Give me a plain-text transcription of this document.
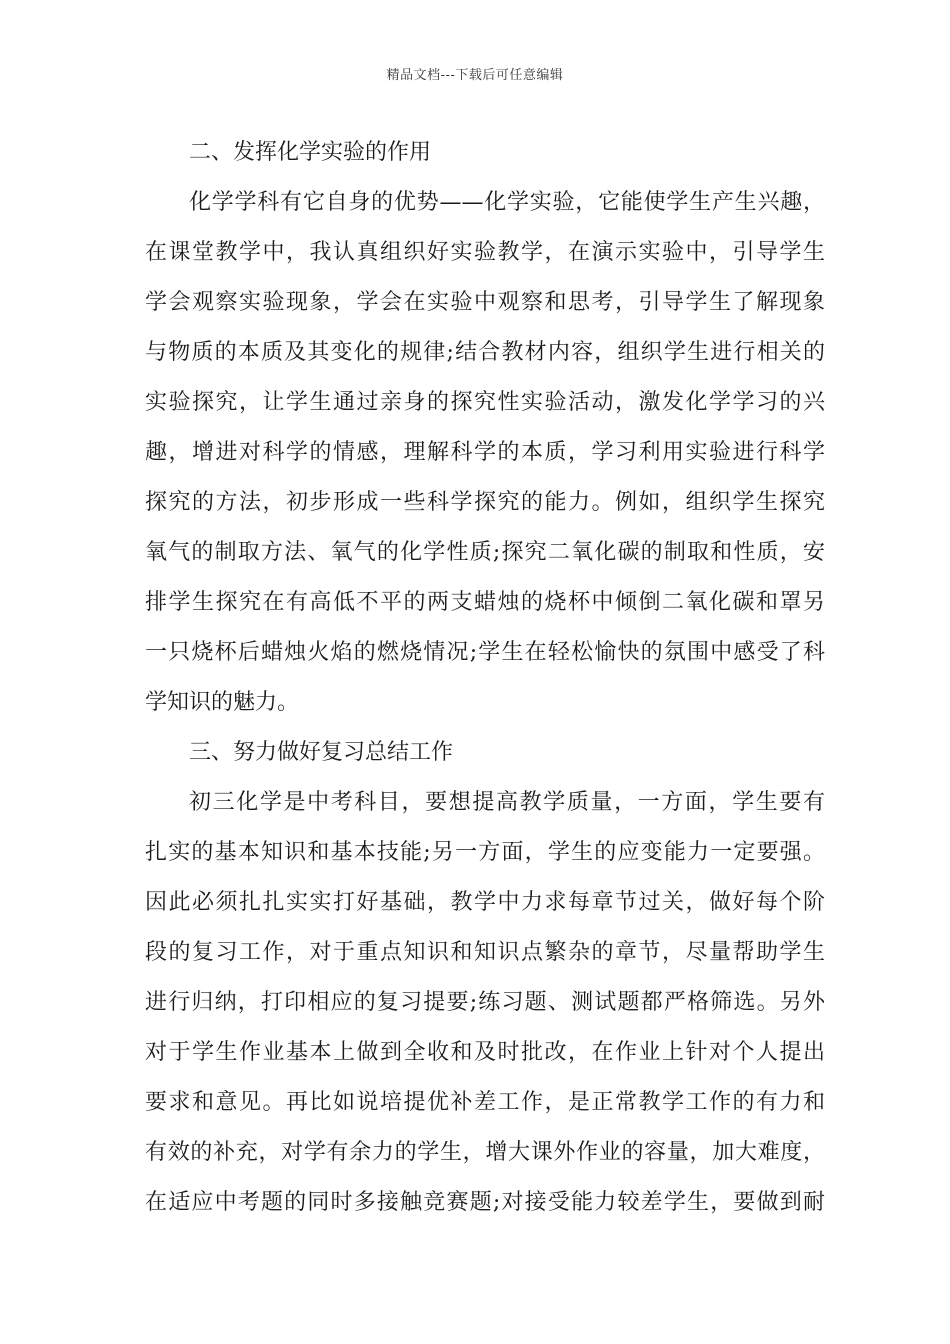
精品文档---下载后可任意编辑
二、发挥化学实验的作用
化学学科有它自身的优势——化学实验，它能使学生产生兴趣，
在课堂教学中，我认真组织好实验教学，在演示实验中，引导学生
学会观察实验现象，学会在实验中观察和思考，引导学生了解现象
与物质的本质及其变化的规律;结合教材内容，组织学生进行相关的
实验探究，让学生通过亲身的探究性实验活动，激发化学学习的兴
趣，增进对科学的情感，理解科学的本质，学习利用实验进行科学
探究的方法，初步形成一些科学探究的能力。例如，组织学生探究
氧气的制取方法、氧气的化学性质;探究二氧化碳的制取和性质，安
排学生探究在有高低不平的两支蜡烛的烧杯中倾倒二氧化碳和罩另
一只烧杯后蜡烛火焰的燃烧情况;学生在轻松愉快的氛围中感受了科
学知识的魅力。
三、努力做好复习总结工作
初三化学是中考科目，要想提高教学质量，一方面，学生要有
扎实的基本知识和基本技能;另一方面，学生的应变能力一定要强。
因此必须扎扎实实打好基础，教学中力求每章节过关，做好每个阶
段的复习工作，对于重点知识和知识点繁杂的章节，尽量帮助学生
进行归纳，打印相应的复习提要;练习题、测试题都严格筛选。另外
对于学生作业基本上做到全收和及时批改，在作业上针对个人提出
要求和意见。再比如说培提优补差工作，是正常教学工作的有力和
有效的补充，对学有余力的学生，增大课外作业的容量，加大难度，
在适应中考题的同时多接触竞赛题;对接受能力较差学生，要做到耐
